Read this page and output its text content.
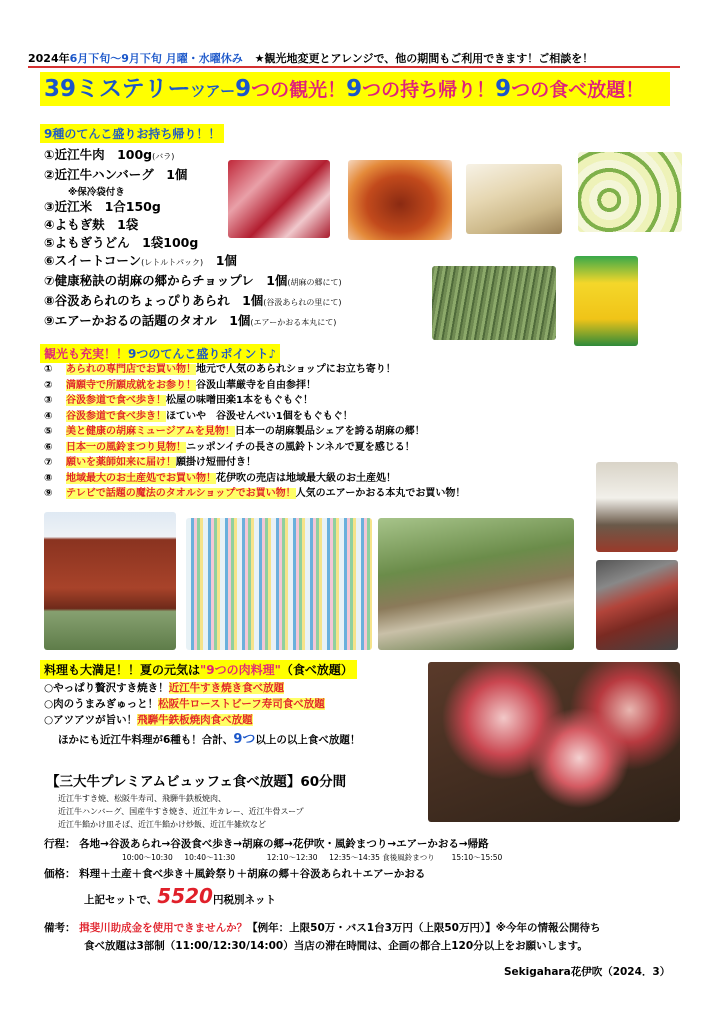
2024年6月下旬～9月下旬 月曜・水曜休み ★観光地変更とアレンジで、他の期間もご利用できます！ご相談を！
39ミステリーツアー9つの観光！9つの持ち帰り！9つの食べ放題！
9種のてんこ盛りお持ち帰り！！
①近江牛肉　100g(バラ)
②近江牛ハンバーグ　1個
※保冷袋付き
③近江米　1合150g
④よもぎ麸　1袋
⑤よもぎうどん　1袋100g
⑥スイートコーン(レトルトパック)　1個
⑦健康秘訣の胡麻の郷からチョップレ　1個(胡麻の郷にて)
⑧谷汲あられのちょっぴりあられ　1個(谷汲あられの里にて)
⑨エアーかおるの話題のタオル　1個(エアーかおる本丸にて)
観光も充実！！9つのてんこ盛りポイント♪
① あられの専門店でお買い物！地元で人気のあられショップにお立ち寄り！
② 満願寺で所願成就をお参り！谷汲山華厳寺を自由参拝！
③ 谷汲参道で食べ歩き！松屋の味噌田楽1本をもぐもぐ！
④ 谷汲参道で食べ歩き！ほていや　谷汲せんべい1個をもぐもぐ！
⑤ 美と健康の胡麻ミュージアムを見物！日本一の胡麻製品シェアを誇る胡麻の郷！
⑥ 日本一の風鈴まつり見物！ニッポンイチの長さの風鈴トンネルで夏を感じる！
⑦ 願いを薬師如来に届け！願掛け短冊付き！
⑧ 地域最大のお土産処でお買い物！花伊吹の売店は地域最大級のお土産処！
⑨ テレビで話題の魔法のタオルショップでお買い物！人気のエアーかおる本丸でお買い物！
料理も大満足！！夏の元気は"9つの肉料理"（食べ放題）
○やっぱり贅沢すき焼き！近江牛すき焼き食べ放題
○肉のうまみぎゅっと！松阪牛ローストビーフ寿司食べ放題
○アツアツが旨い！飛騨牛鉄板焼肉食べ放題
ほかにも近江牛料理が6種も！合計、9つ以上の以上食べ放題！
【三大牛プレミアムビュッフェ食べ放題】60分間
近江牛すき焼、松阪牛寿司、飛騨牛鉄板焼肉、
近江牛ハンバーグ、国産牛すき焼き、近江牛カレー、近江牛骨スープ
近江牛餡かけ皿そば、近江牛餡かけ炒飯、近江牛雑炊など
行程： 各地→谷汲あられ→谷汲食べ歩き→胡麻の郷→花伊吹・風鈴まつり→エアーかおる→帰路
10:00～10:30 10:40～11:30	12:10～12:30 12:35～14:35 食後風鈴まつり 15:10～15:50
価格： 料理＋土産＋食べ歩き＋風鈴祭り＋胡麻の郷＋谷汲あられ＋エアーかおる
上記セットで、5520円税別ネット
備考： 揖斐川助成金を使用できませんか？【例年：上限50万・バス1台3万円（上限50万円）】※今年の情報公開待ち
食べ放題は3部制（11:00/12:30/14:00）当店の滞在時間は、企画の都合上120分以上をお願いします。
Sekigahara花伊吹（2024．3）
